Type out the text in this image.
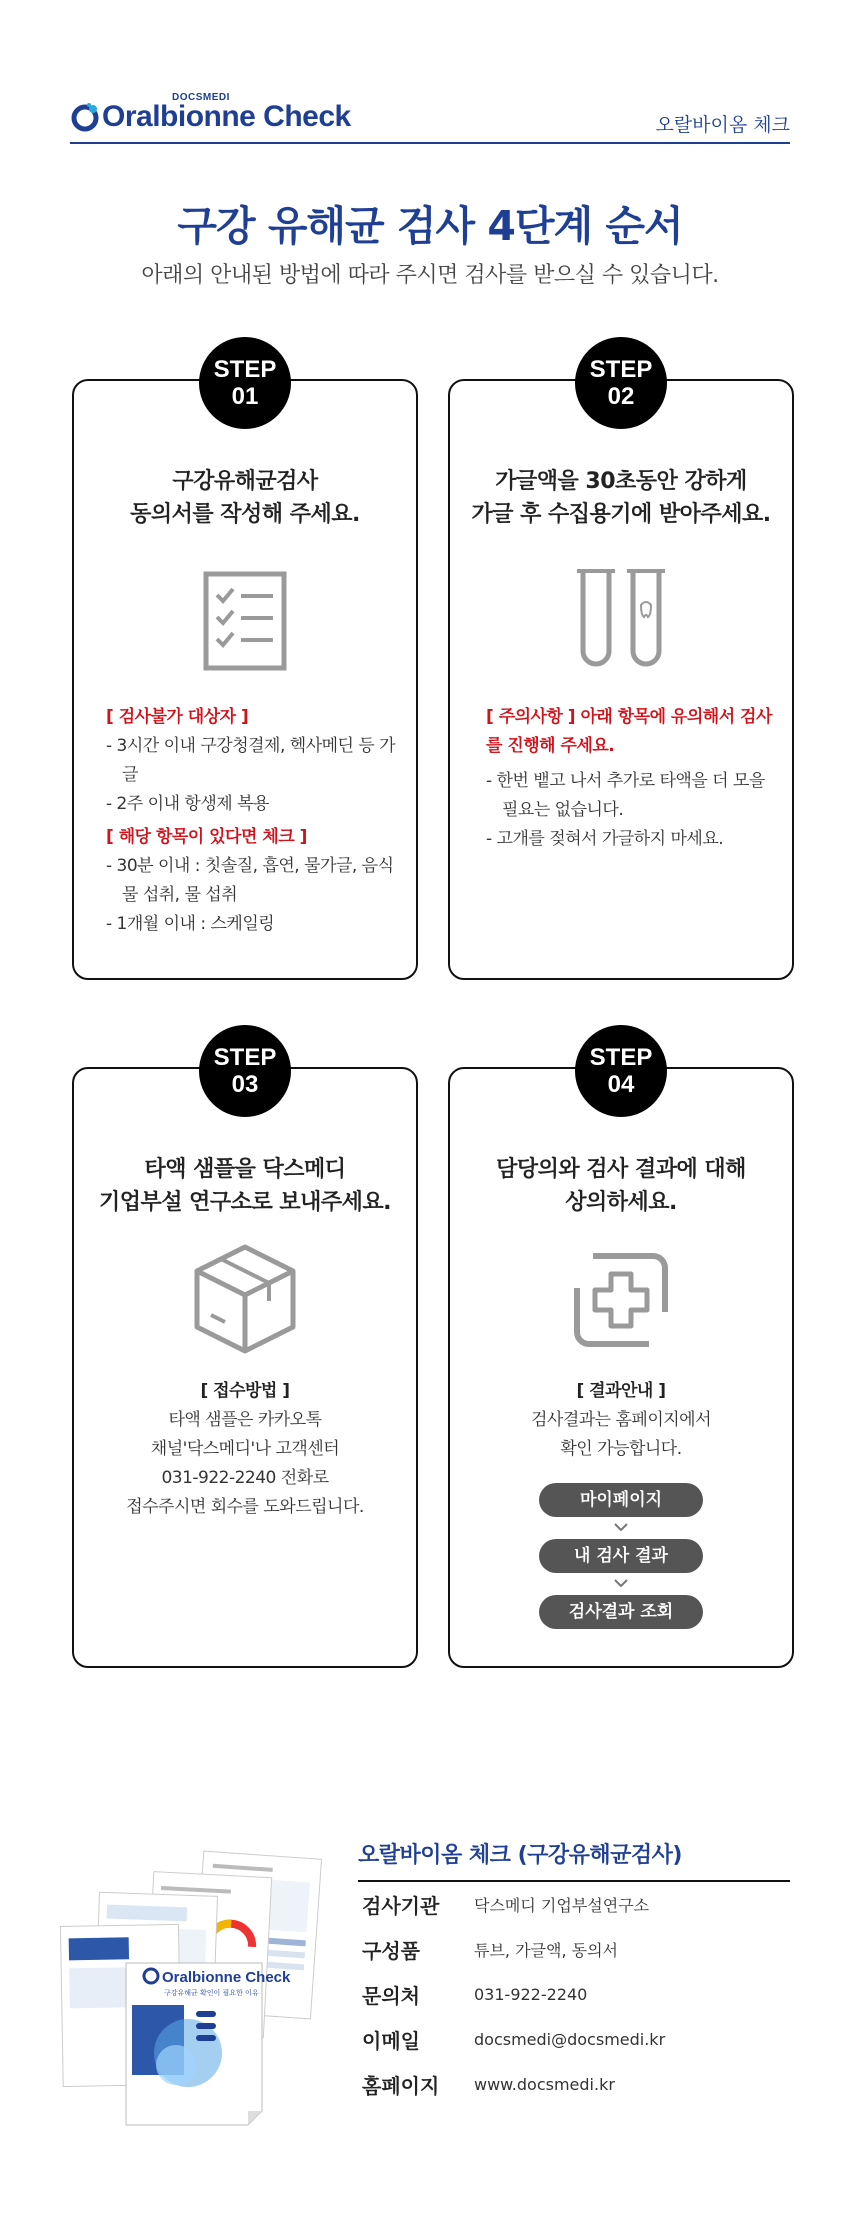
Oralbionne Check
DOCSMEDI
오랄바이옴 체크
구강 유해균 검사 4단계 순서
아래의 안내된 방법에 따라 주시면 검사를 받으실 수 있습니다.
STEP
01
구강유해균검사
동의서를 작성해 주세요.
[ 검사불가 대상자 ]
- 3시간 이내 구강청결제, 헥사메딘 등 가글
- 2주 이내 항생제 복용
[ 해당 항목이 있다면 체크 ]
- 30분 이내 : 칫솔질, 흡연, 물가글, 음식물 섭취, 물 섭취
- 1개월 이내 : 스케일링
STEP
02
가글액을 30초동안 강하게
가글 후 수집용기에 받아주세요.
[ 주의사항 ] 아래 항목에 유의해서 검사를 진행해 주세요.
- 한번 뱉고 나서 추가로 타액을 더 모을 필요는 없습니다.
- 고개를 젖혀서 가글하지 마세요.
STEP
03
타액 샘플을 닥스메디
기업부설 연구소로 보내주세요.
[ 접수방법 ]
타액 샘플은 카카오톡
채널'닥스메디'나 고객센터
031-922-2240 전화로
접수주시면 회수를 도와드립니다.
STEP
04
담당의와 검사 결과에 대해
상의하세요.
[ 결과안내 ]
검사결과는 홈페이지에서
확인 가능합니다.
마이페이지
내 검사 결과
검사결과 조회
Oralbionne Check
구강유해균 확인이 필요한 이유
오랄바이옴 체크 (구강유해균검사)
검사기관	닥스메디 기업부설연구소
구성품	튜브, 가글액, 동의서
문의처	031-922-2240
이메일	docsmedi@docsmedi.kr
홈페이지	www.docsmedi.kr
